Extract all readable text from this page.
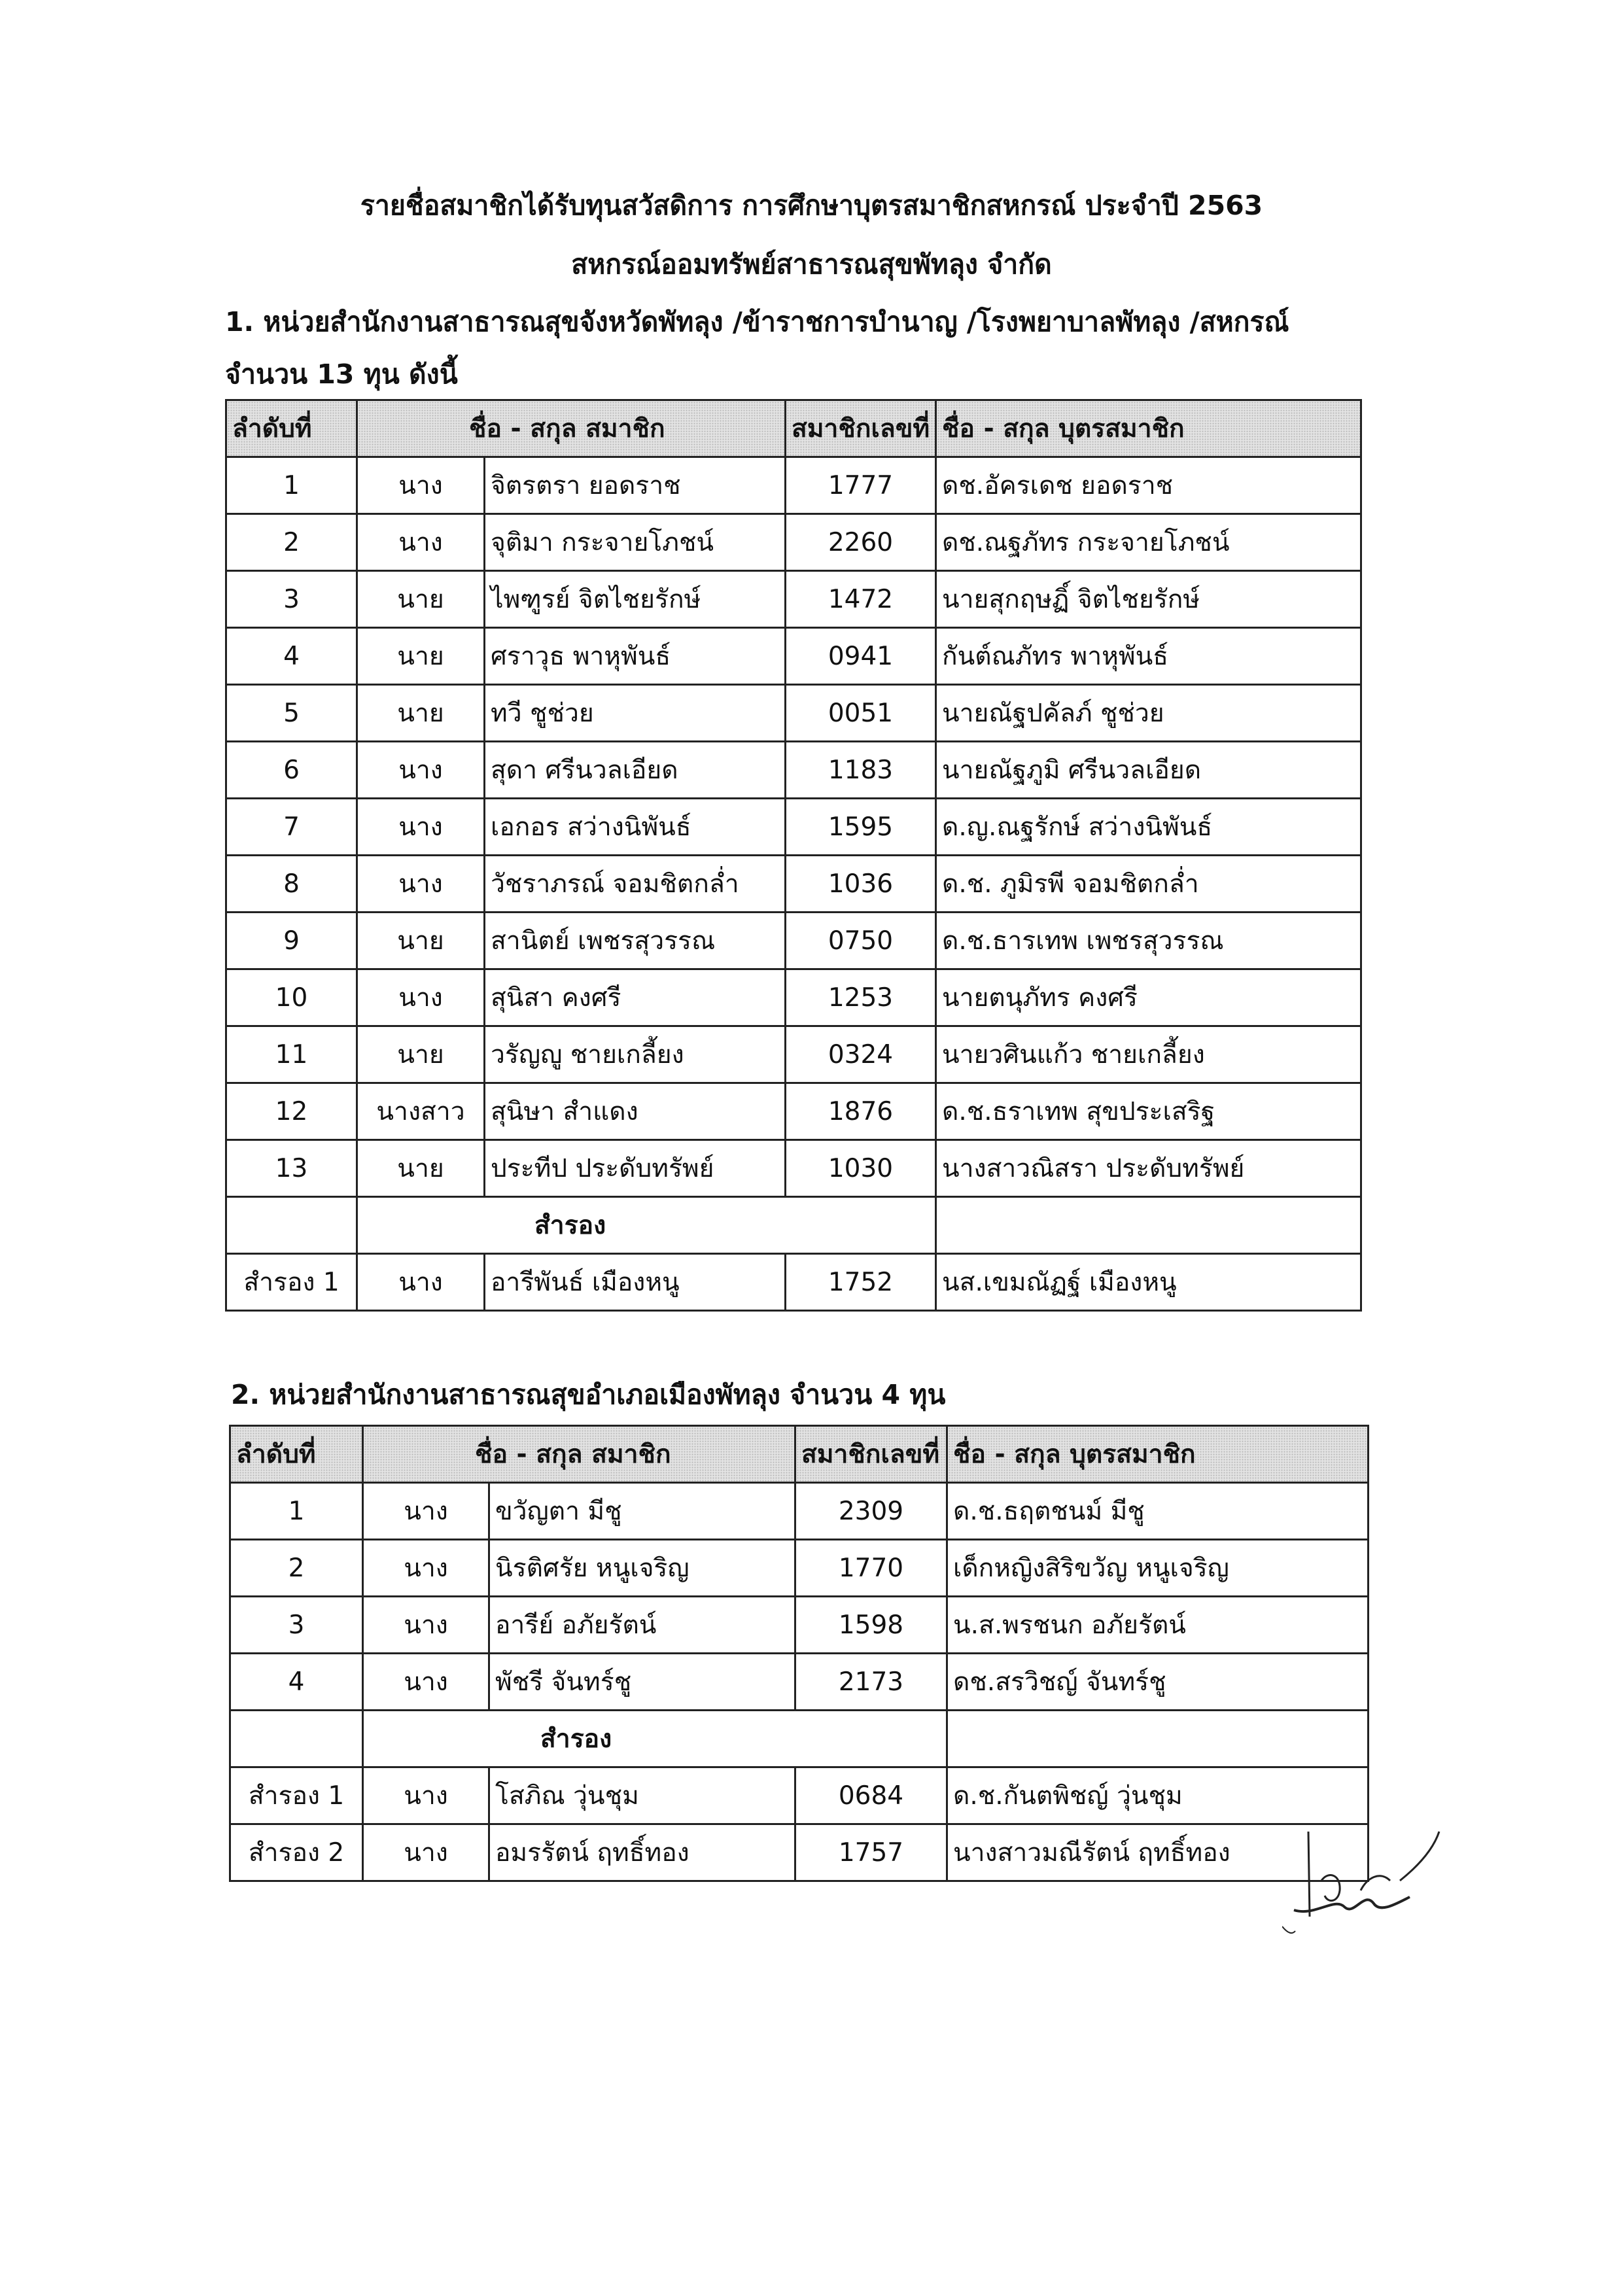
รายชื่อสมาชิกได้รับทุนสวัสดิการ การศึกษาบุตรสมาชิกสหกรณ์ ประจำปี 2563
สหกรณ์ออมทรัพย์สาธารณสุขพัทลุง จำกัด
1. หน่วยสำนักงานสาธารณสุขจังหวัดพัทลุง /ข้าราชการบำนาญ /โรงพยาบาลพัทลุง /สหกรณ์
จำนวน 13 ทุน ดังนี้
ลำดับที่	ชื่อ - สกุล สมาชิก		สมาชิกเลขที่	ชื่อ - สกุล บุตรสมาชิก
1	นาง	จิตรตรา ยอดราช	1777	ดช.อัครเดช ยอดราช
2	นาง	จุติมา กระจายโภชน์	2260	ดช.ณฐภัทร กระจายโภชน์
3	นาย	ไพฑูรย์ จิตไชยรักษ์	1472	นายสุกฤษฏิ์ จิตไชยรักษ์
4	นาย	ศราวุธ พาหุพันธ์	0941	กันต์ณภัทร พาหุพันธ์
5	นาย	ทวี ชูช่วย	0051	นายณัฐปคัลภ์ ชูช่วย
6	นาง	สุดา ศรีนวลเอียด	1183	นายณัฐภูมิ ศรีนวลเอียด
7	นาง	เอกอร สว่างนิพันธ์	1595	ด.ญ.ณฐรักษ์ สว่างนิพันธ์
8	นาง	วัชราภรณ์ จอมชิตกล่ำ	1036	ด.ช. ภูมิรพี จอมชิตกล่ำ
9	นาย	สานิตย์ เพชรสุวรรณ	0750	ด.ช.ธารเทพ เพชรสุวรรณ
10	นาง	สุนิสา คงศรี	1253	นายตนุภัทร คงศรี
11	นาย	วรัญญู ชายเกลี้ยง	0324	นายวศินแก้ว ชายเกลี้ยง
12	นางสาว	สุนิษา สำแดง	1876	ด.ช.ธราเทพ สุขประเสริฐ
13	นาย	ประทีป ประดับทรัพย์	1030	นางสาวณิสรา ประดับทรัพย์
	สำรอง			
สำรอง 1	นาง	อารีพันธ์ เมืองหนู	1752	นส.เขมณัฏฐ์ เมืองหนู
2. หน่วยสำนักงานสาธารณสุขอำเภอเมืองพัทลุง จำนวน 4 ทุน
ลำดับที่	ชื่อ - สกุล สมาชิก		สมาชิกเลขที่	ชื่อ - สกุล บุตรสมาชิก
1	นาง	ขวัญตา มีชู	2309	ด.ช.ธฤตชนม์ มีชู
2	นาง	นิรติศรัย หนูเจริญ	1770	เด็กหญิงสิริขวัญ หนูเจริญ
3	นาง	อารีย์ อภัยรัตน์	1598	น.ส.พรชนก อภัยรัตน์
4	นาง	พัชรี จันทร์ชู	2173	ดช.สรวิชญ์ จันทร์ชู
	สำรอง			
สำรอง 1	นาง	โสภิณ วุ่นชุม	0684	ด.ช.กันตพิชญ์ วุ่นชุม
สำรอง 2	นาง	อมรรัตน์ ฤทธิ์ทอง	1757	นางสาวมณีรัตน์ ฤทธิ์ทอง
